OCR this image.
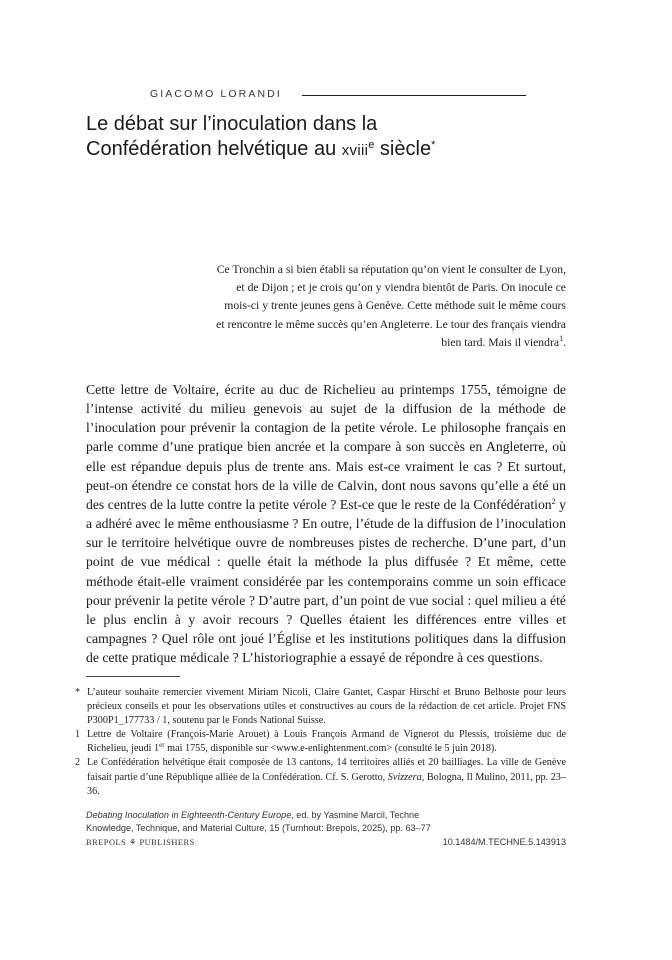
GIACOMO LORANDI
Le débat sur l’inoculation dans la
Confédération helvétique au xviii$^e$ siècle*

Ce Tronchin a si bien établi sa réputation qu’on vient le consulter de Lyon, et de Dijon ; et je crois qu’on y viendra bientôt de Paris. On inocule ce mois-ci y trente jeunes gens à Genève. Cette méthode suit le même cours et rencontre le même succès qu’en Angleterre. Le tour des français viendra bien tard. Mais il viendra$^1$.

Cette lettre de Voltaire, écrite au duc de Richelieu au printemps 1755, témoigne de l’intense activité du milieu genevois au sujet de la diffusion de la méthode de l’inoculation pour prévenir la contagion de la petite vérole. Le philosophe français en parle comme d’une pratique bien ancrée et la compare à son succès en Angleterre, où elle est répandue depuis plus de trente ans. Mais est-ce vraiment le cas ? Et surtout, peut-on étendre ce constat hors de la ville de Calvin, dont nous savons qu’elle a été un des centres de la lutte contre la petite vérole ? Est-ce que le reste de la Confédération$^2$ y a adhéré avec le même enthousiasme ? En outre, l’étude de la diffusion de l’inoculation sur le territoire helvétique ouvre de nombreuses pistes de recherche. D’une part, d’un point de vue médical : quelle était la méthode la plus diffusée ? Et même, cette méthode était-elle vraiment considérée par les contemporains comme un soin efficace pour prévenir la petite vérole ? D’autre part, d’un point de vue social : quel milieu a été le plus enclin à y avoir recours ? Quelles étaient les différences entre villes et campagnes ? Quel rôle ont joué l’Église et les institutions politiques dans la diffusion de cette pratique médicale ? L’historiographie a essayé de répondre à ces questions.

* L’auteur souhaite remercier vivement Miriam Nicoli, Claire Gantet, Caspar Hirschi et Bruno Belhoste pour leurs précieux conseils et pour les observations utiles et constructives au cours de la rédaction de cet article. Projet FNS P300P1_177733 / 1, soutenu par le Fonds National Suisse.
1 Lettre de Voltaire (François-Marie Arouet) à Louis François Armand de Vignerot du Plessis, troisième duc de Richelieu, jeudi 1er mai 1755, disponible sur <www.e-enlightenment.com> (consulté le 5 juin 2018).
2 Le Confédération helvétique était composée de 13 cantons, 14 territoires alliés et 20 bailliages. La ville de Genève faisait partie d’une République alliée de la Confédération. Cf. S. Gerotto, Svizzera, Bologna, Il Mulino, 2011, pp. 23–36.
Debating Inoculation in Eighteenth-Century Europe, ed. by Yasmine Marcil, Techne
Knowledge, Technique, and Material Culture, 15 (Turnhout: Brepols, 2025), pp. 63–77
BREPOLS ⚘ PUBLISHERS	10.1484/M.TECHNE.5.143913
